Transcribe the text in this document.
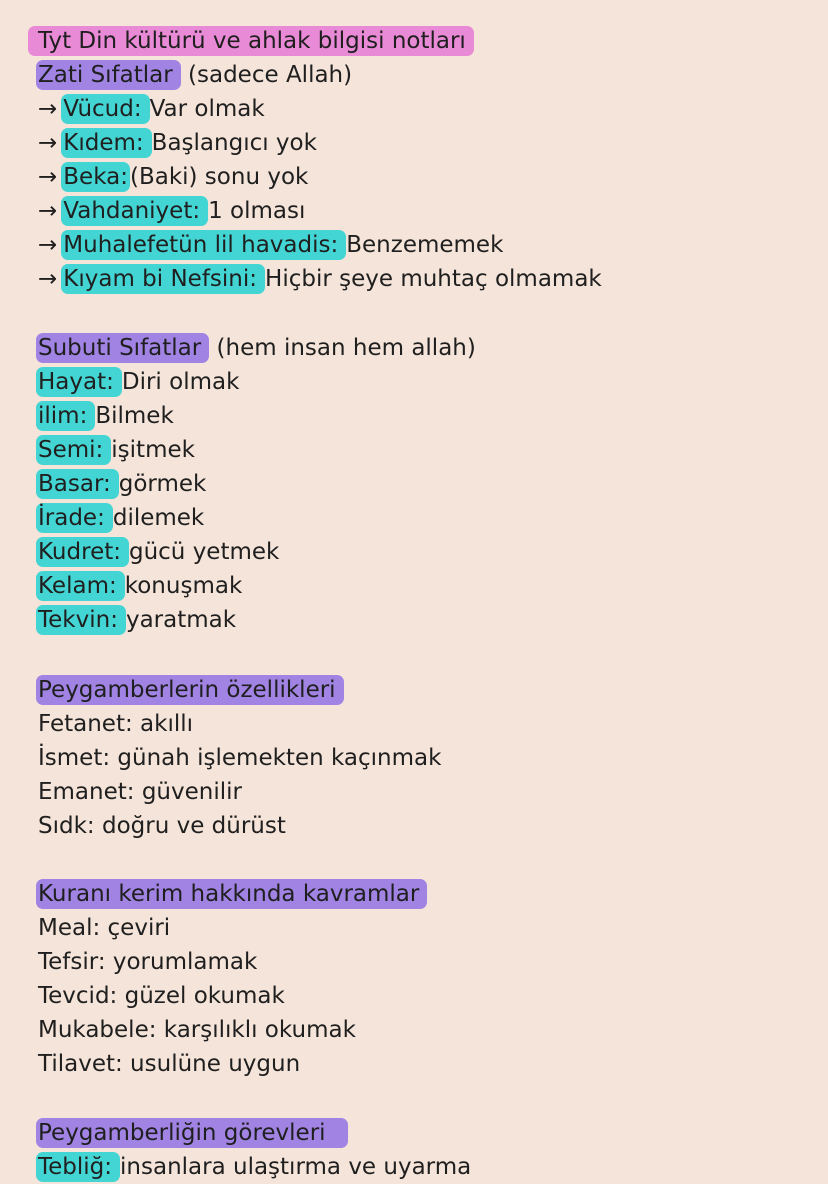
Tyt Din kültürü ve ahlak bilgisi notları
Zati Sıfatlar (sadece Allah)
→ Vücud: Var olmak
→ Kıdem: Başlangıcı yok
→ Beka:(Baki) sonu yok
→ Vahdaniyet: 1 olması
→ Muhalefetün lil havadis: Benzememek
→ Kıyam bi Nefsini: Hiçbir şeye muhtaç olmamak
Subuti Sıfatlar (hem insan hem allah)
Hayat: Diri olmak
ilim: Bilmek
Semi: işitmek
Basar: görmek
İrade: dilemek
Kudret: gücü yetmek
Kelam: konuşmak
Tekvin: yaratmak
Peygamberlerin özellikleri
Fetanet: akıllı
İsmet: günah işlemekten kaçınmak
Emanet: güvenilir
Sıdk: doğru ve dürüst
Kuranı kerim hakkında kavramlar
Meal: çeviri
Tefsir: yorumlamak
Tevcid: güzel okumak
Mukabele: karşılıklı okumak
Tilavet: usulüne uygun
Peygamberliğin görevleri
Tebliğ: insanlara ulaştırma ve uyarma
